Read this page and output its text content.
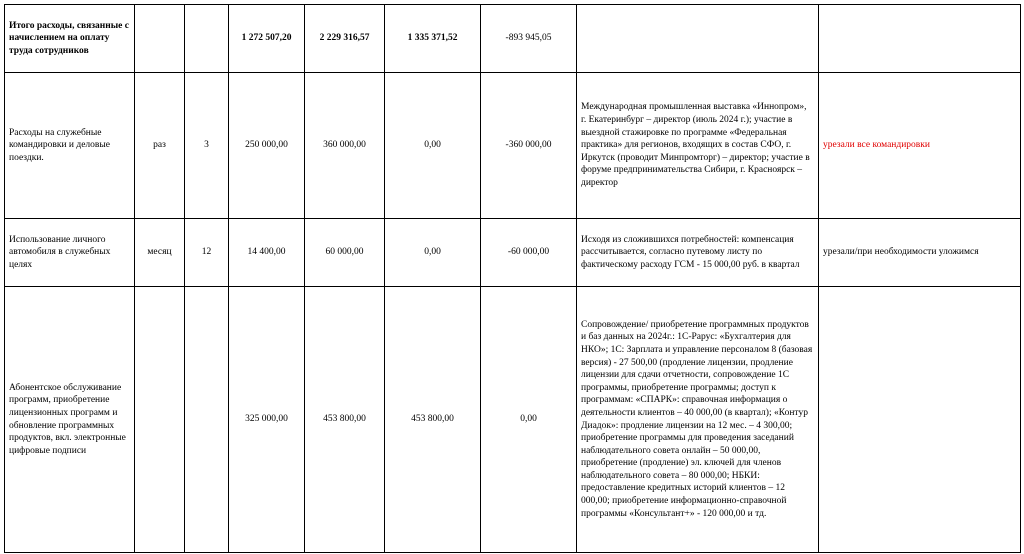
Итого расходы, связанные с начислением на оплату труда сотрудников			1 272 507,20	2 229 316,57	1 335 371,52	-893 945,05		
Расходы на служебные командировки и деловые поездки.	раз	3	250 000,00	360 000,00	0,00	-360 000,00	Международная промышленная выставка «Иннопром», г. Екатеринбург – директор (июль 2024 г.); участие в выездной стажировке по программе «Федеральная практика» для регионов, входящих в состав СФО, г. Иркутск (проводит Минпромторг) – директор; участие в форуме предпринимательства Сибири, г. Красноярск – директор	урезали все командировки
Использование личного автомобиля в служебных целях	месяц	12	14 400,00	60 000,00	0,00	-60 000,00	Исходя из сложившихся потребностей: компенсация рассчитывается, согласно путевому листу по фактическому расходу ГСМ - 15 000,00 руб. в квартал	урезали/при необходимости уложимся
Абонентское обслуживание программ, приобретение лицензионных программ и обновление программных продуктов, вкл. электронные цифровые подписи			325 000,00	453 800,00	453 800,00	0,00	Сопровождение/ приобретение программных продуктов и баз данных на 2024г.: 1С-Рарус: «Бухгалтерия для НКО»; 1С: Зарплата и управление персоналом 8 (базовая версия) - 27 500,00 (продление лицензии, продление лицензии для сдачи отчетности, сопровождение 1С программы, приобретение программы; доступ к программам: «СПАРК»: справочная информация о деятельности клиентов – 40 000,00 (в квартал); «Контур Диадок»: продление лицензии на 12 мес. – 4 300,00; приобретение программы для проведения заседаний наблюдательного совета онлайн – 50 000,00, приобретение (продление) эл. ключей для членов наблюдательного совета – 80 000,00; НБКИ: предоставление кредитных историй клиентов – 12 000,00; приобретение информационно-справочной программы «Консультант+» - 120 000,00 и тд.	
